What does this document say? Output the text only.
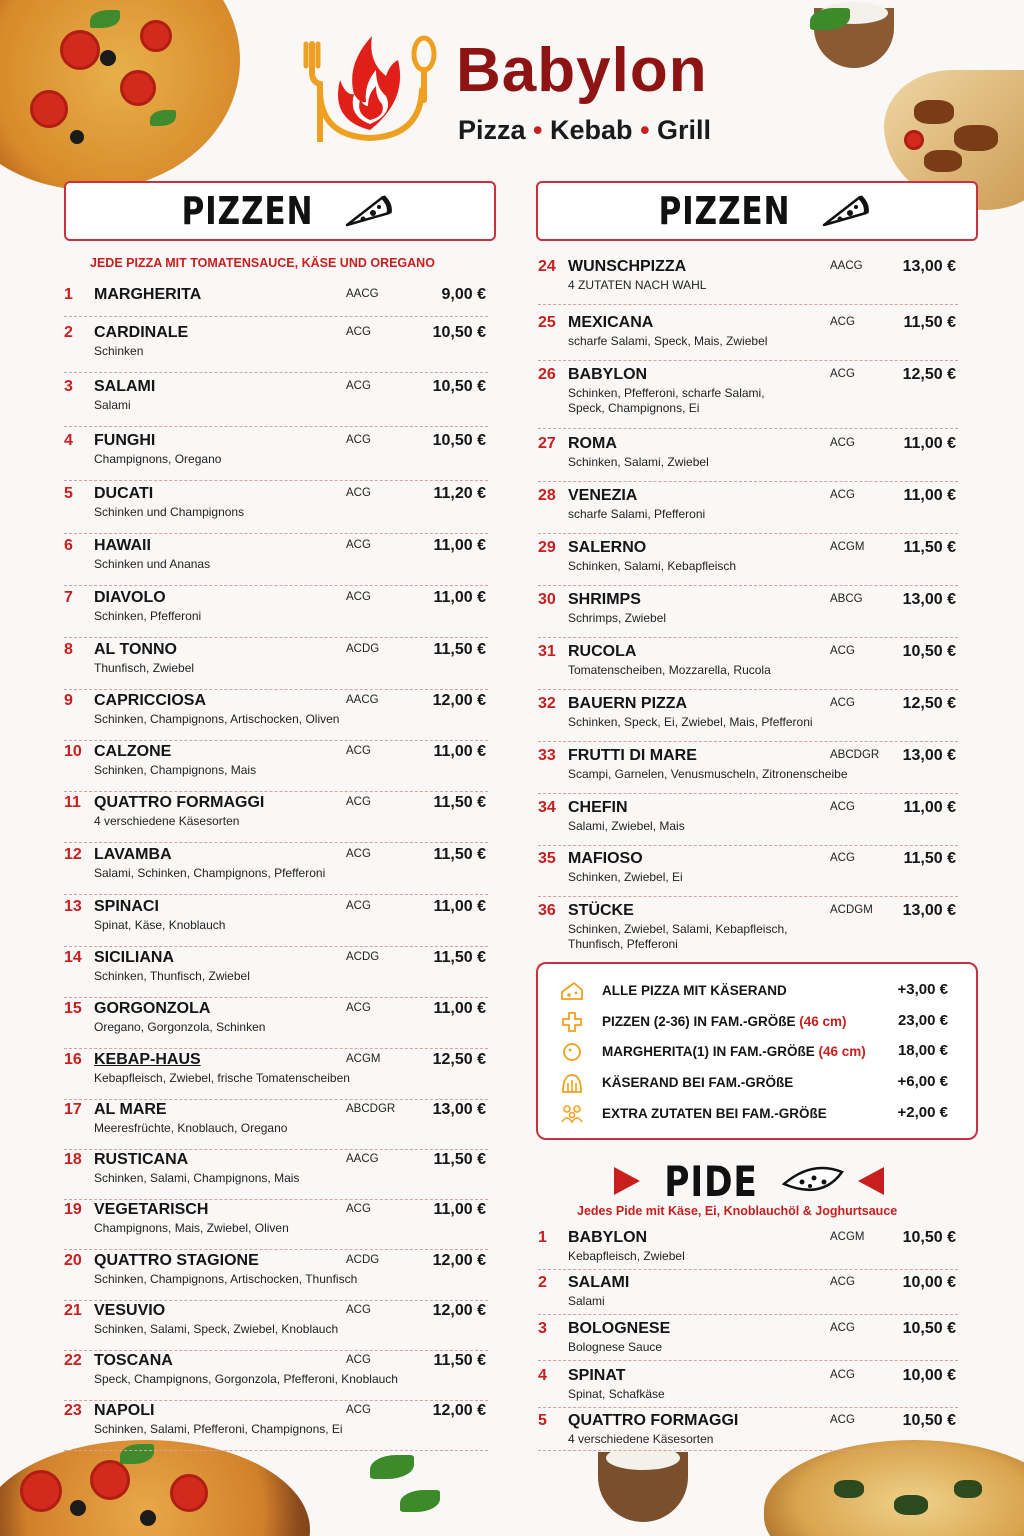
Babylon
Pizza • Kebab • Grill
PIZZEN
JEDE PIZZA MIT TOMATENSAUCE, KÄSE UND OREGANO
PIZZEN
1 MARGHERITA	AACG	9,00 €
2 CARDINALE	ACG	10,50 €
Schinken
3 SALAMI	ACG	10,50 €
Salami
4 FUNGHI	ACG	10,50 €
Champignons, Oregano
5 DUCATI	ACG	11,20 €
Schinken und Champignons
6 HAWAII	ACG	11,00 €
Schinken und Ananas
7 DIAVOLO	ACG	11,00 €
Schinken, Pfefferoni
8 AL TONNO	ACDG	11,50 €
Thunfisch, Zwiebel
9 CAPRICCIOSA	AACG	12,00 €
Schinken, Champignons, Artischocken, Oliven
10 CALZONE	ACG	11,00 €
Schinken, Champignons, Mais
11 QUATTRO FORMAGGI	ACG	11,50 €
4 verschiedene Käsesorten
12 LAVAMBA	ACG	11,50 €
Salami, Schinken, Champignons, Pfefferoni
13 SPINACI	ACG	11,00 €
Spinat, Käse, Knoblauch
14 SICILIANA	ACDG	11,50 €
Schinken, Thunfisch, Zwiebel
15 GORGONZOLA	ACG	11,00 €
Oregano, Gorgonzola, Schinken
16 KEBAP-HAUS	ACGM	12,50 €
Kebapfleisch, Zwiebel, frische Tomatenscheiben
17 AL MARE	ABCDGR 13,00 €
Meeresfrüchte, Knoblauch, Oregano
18 RUSTICANA	AACG	11,50 €
Schinken, Salami, Champignons, Mais
19 VEGETARISCH	ACG	11,00 €
Champignons, Mais, Zwiebel, Oliven
20 QUATTRO STAGIONE	ACDG	12,00 €
Schinken, Champignons, Artischocken, Thunfisch
21 VESUVIO	ACG	12,00 €
Schinken, Salami, Speck, Zwiebel, Knoblauch
22 TOSCANA	ACG	11,50 €
Speck, Champignons, Gorgonzola, Pfefferoni, Knoblauch
23 NAPOLI	ACG	12,00 €
Schinken, Salami, Pfefferoni, Champignons, Ei
24 WUNSCHPIZZA	AACG	13,00 €
4 ZUTATEN NACH WAHL
25 MEXICANA	ACG	11,50 €
scharfe Salami, Speck, Mais, Zwiebel
26 BABYLON	ACG	12,50 €
Schinken, Pfefferoni, scharfe Salami,
Speck, Champignons, Ei
27 ROMA	ACG	11,00 €
Schinken, Salami, Zwiebel
28 VENEZIA	ACG	11,00 €
scharfe Salami, Pfefferoni
29 SALERNO	ACGM 11,50 €
Schinken, Salami, Kebapfleisch
30 SHRIMPS	ABCG	13,00 €
Schrimps, Zwiebel
31 RUCOLA	ACG	10,50 €
Tomatenscheiben, Mozzarella, Rucola
32 BAUERN PIZZA	ACG	12,50 €
Schinken, Speck, Ei, Zwiebel, Mais, Pfefferoni
33 FRUTTI DI MARE	ABCDGR 13,00 €
Scampi, Garnelen, Venusmuscheln, Zitronenscheibe
34 CHEFIN	ACG	11,00 €
Salami, Zwiebel, Mais
35 MAFIOSO	ACG	11,50 €
Schinken, Zwiebel, Ei
36 STÜCKE	ACDGM 13,00 €
Schinken, Zwiebel, Salami, Kebapfleisch,
Thunfisch, Pfefferoni
ALLE PIZZA MIT KÄSERAND	+3,00 €
PIZZEN (2-36) IN FAM.-GRÖßE (46 cm)	23,00 €
MARGHERITA(1) IN FAM.-GRÖßE (46 cm) 18,00 €
KÄSERAND BEI FAM.-GRÖßE	+6,00 €
EXTRA ZUTATEN BEI FAM.-GRÖßE	+2,00 €
PIDE
Jedes Pide mit Käse, Ei, Knoblauchöl & Joghurtsauce
1 BABYLON	ACGM 10,50 €
Kebapfleisch, Zwiebel
2 SALAMI	ACG	10,00 €
Salami
3 BOLOGNESE	ACG	10,50 €
Bolognese Sauce
4 SPINAT	ACG	10,00 €
Spinat, Schafkäse
5 QUATTRO FORMAGGI	ACG	10,50 €
4 verschiedene Käsesorten
